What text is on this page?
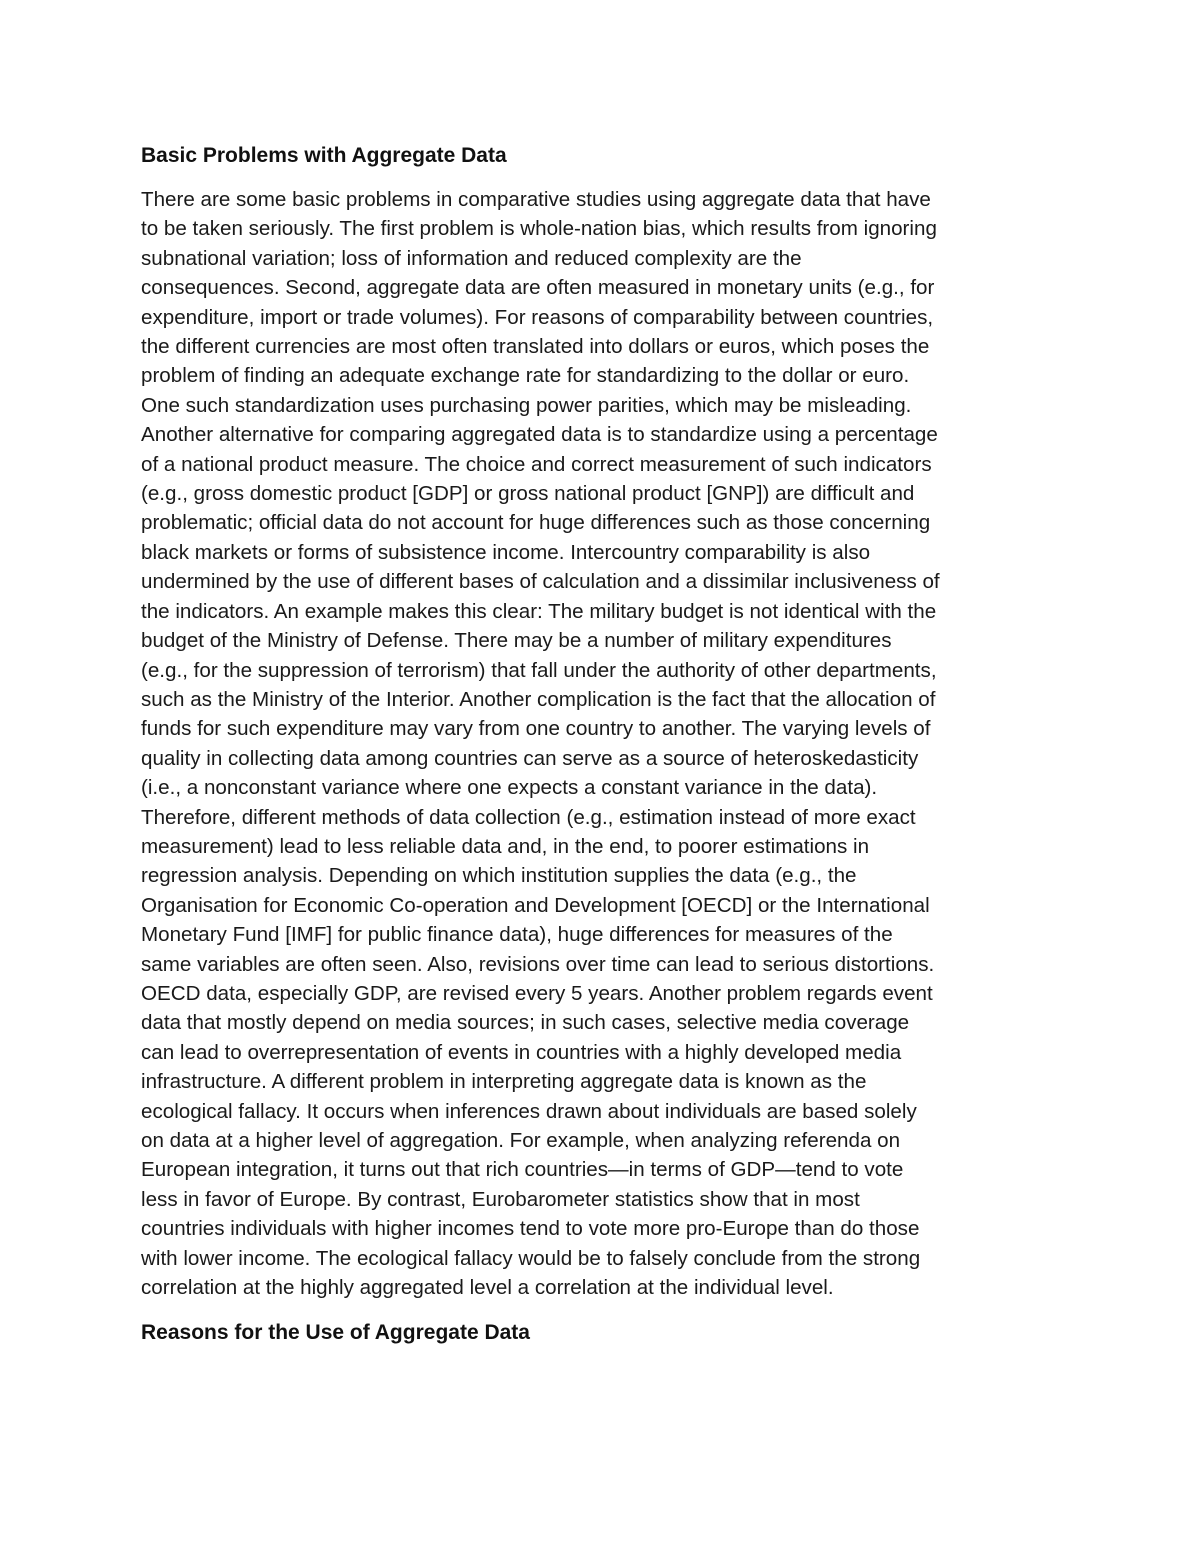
Basic Problems with Aggregate Data

There are some basic problems in comparative studies using aggregate data that have
to be taken seriously. The first problem is whole-nation bias, which results from ignoring
subnational variation; loss of information and reduced complexity are the
consequences. Second, aggregate data are often measured in monetary units (e.g., for
expenditure, import or trade volumes). For reasons of comparability between countries,
the different currencies are most often translated into dollars or euros, which poses the
problem of finding an adequate exchange rate for standardizing to the dollar or euro.
One such standardization uses purchasing power parities, which may be misleading.
Another alternative for comparing aggregated data is to standardize using a percentage
of a national product measure. The choice and correct measurement of such indicators
(e.g., gross domestic product [GDP] or gross national product [GNP]) are difficult and
problematic; official data do not account for huge differences such as those concerning
black markets or forms of subsistence income. Intercountry comparability is also
undermined by the use of different bases of calculation and a dissimilar inclusiveness of
the indicators. An example makes this clear: The military budget is not identical with the
budget of the Ministry of Defense. There may be a number of military expenditures
(e.g., for the suppression of terrorism) that fall under the authority of other departments,
such as the Ministry of the Interior. Another complication is the fact that the allocation of
funds for such expenditure may vary from one country to another. The varying levels of
quality in collecting data among countries can serve as a source of heteroskedasticity
(i.e., a nonconstant variance where one expects a constant variance in the data).
Therefore, different methods of data collection (e.g., estimation instead of more exact
measurement) lead to less reliable data and, in the end, to poorer estimations in
regression analysis. Depending on which institution supplies the data (e.g., the
Organisation for Economic Co-operation and Development [OECD] or the International
Monetary Fund [IMF] for public finance data), huge differences for measures of the
same variables are often seen. Also, revisions over time can lead to serious distortions.
OECD data, especially GDP, are revised every 5 years. Another problem regards event
data that mostly depend on media sources; in such cases, selective media coverage
can lead to overrepresentation of events in countries with a highly developed media
infrastructure. A different problem in interpreting aggregate data is known as the
ecological fallacy. It occurs when inferences drawn about individuals are based solely
on data at a higher level of aggregation. For example, when analyzing referenda on
European integration, it turns out that rich countries—in terms of GDP—tend to vote
less in favor of Europe. By contrast, Eurobarometer statistics show that in most
countries individuals with higher incomes tend to vote more pro-Europe than do those
with lower income. The ecological fallacy would be to falsely conclude from the strong
correlation at the highly aggregated level a correlation at the individual level.

Reasons for the Use of Aggregate Data
